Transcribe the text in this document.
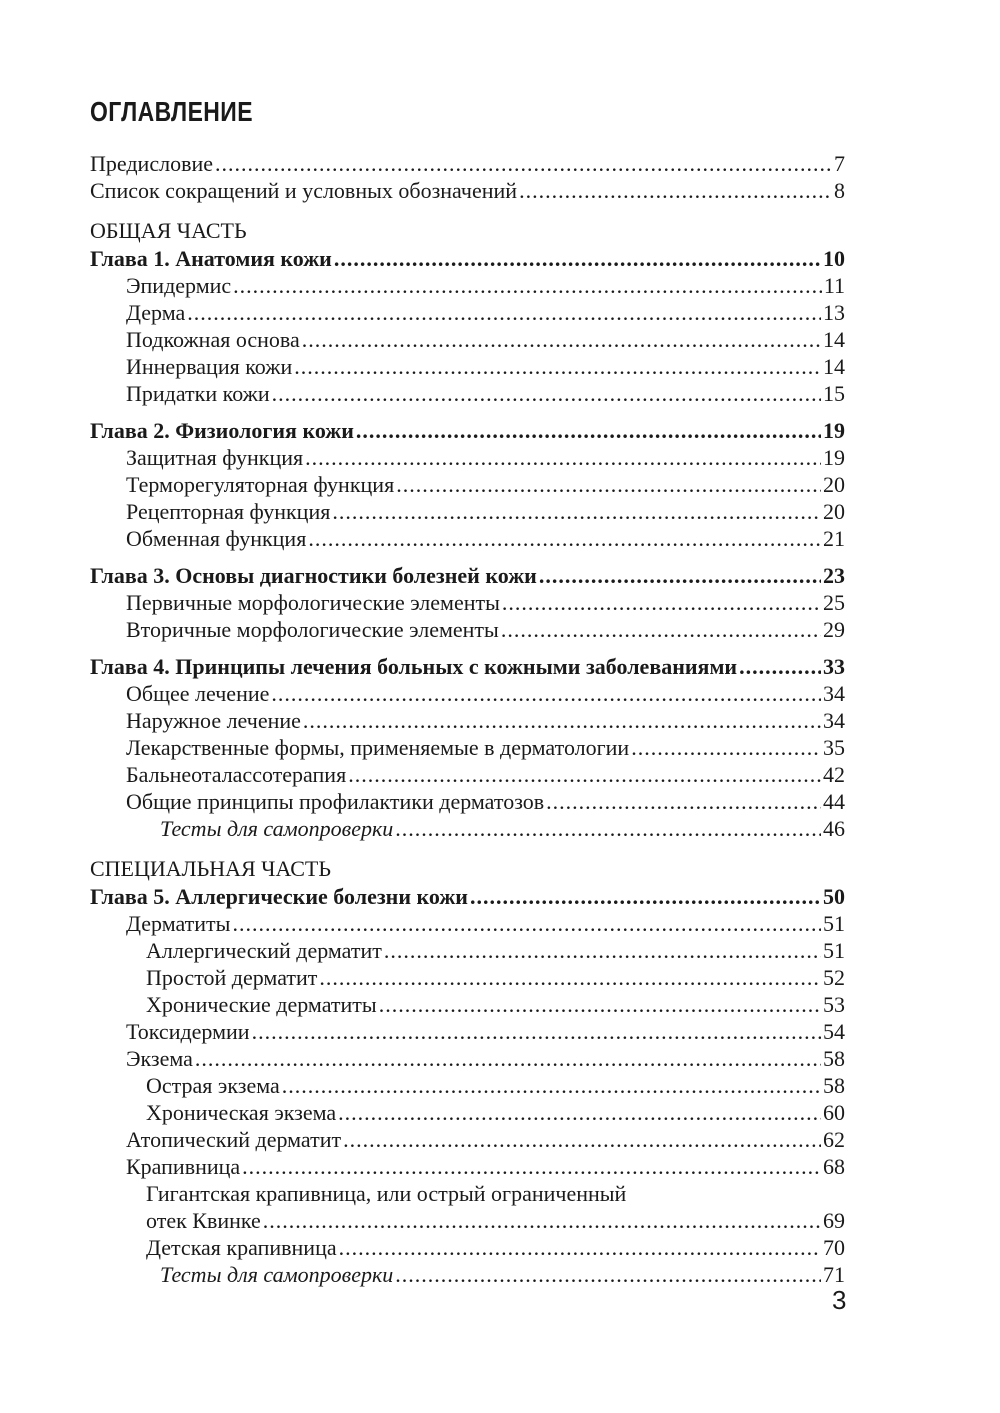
ОГЛАВЛЕНИЕ
Предисловие .....	7
Список сокращений и условных обозначений .....	8
ОБЩАЯ ЧАСТЬ
Глава 1. Анатомия кожи .....	10
Эпидермис .....	11
Дерма .....	13
Подкожная основа .....	14
Иннервация кожи .....	14
Придатки кожи .....	15
Глава 2. Физиология кожи .....	19
Защитная функция .....	19
Терморегуляторная функция .....	20
Рецепторная функция .....	20
Обменная функция .....	21
Глава 3. Основы диагностики болезней кожи .....	23
Первичные морфологические элементы .....	25
Вторичные морфологические элементы .....	29
Глава 4. Принципы лечения больных с кожными заболеваниями .....	33
Общее лечение .....	34
Наружное лечение .....	34
Лекарственные формы, применяемые в дерматологии .....	35
Бальнеоталассотерапия .....	42
Общие принципы профилактики дерматозов .....	44
Тесты для самопроверки .....	46
СПЕЦИАЛЬНАЯ ЧАСТЬ
Глава 5. Аллергические болезни кожи .....	50
Дерматиты .....	51
Аллергический дерматит .....	51
Простой дерматит .....	52
Хронические дерматиты .....	53
Токсидермии .....	54
Экзема .....	58
Острая экзема .....	58
Хроническая экзема .....	60
Атопический дерматит .....	62
Крапивница .....	68
Гигантская крапивница, или острый ограниченный
отек Квинке .....	69
Детская крапивница .....	70
Тесты для самопроверки .....	71
3
